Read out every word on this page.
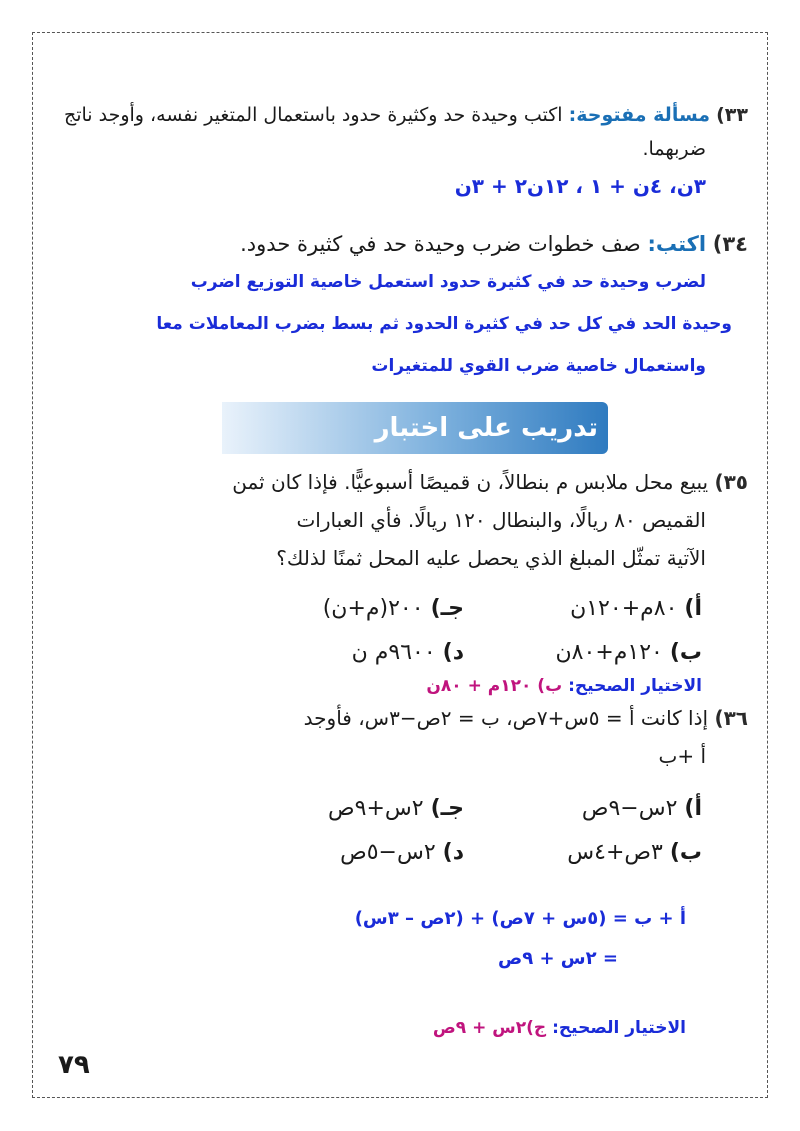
٣٣) مسألة مفتوحة: اكتب وحيدة حد وكثيرة حدود باستعمال المتغير نفسه، وأوجد ناتج
ضربهما.
٣ن، ٤ن + ١ ، ١٢ن٢ + ٣ن
٣٤) اكتب: صف خطوات ضرب وحيدة حد في كثيرة حدود.
لضرب وحيدة حد في كثيرة حدود استعمل خاصية التوزيع اضرب
وحيدة الحد في كل حد في كثيرة الحدود ثم بسط بضرب المعاملات معا
واستعمال خاصية ضرب القوي للمتغيرات
تدريب على اختبار
٣٥) يبيع محل ملابس م بنطالاً، ن قميصًا أسبوعيًّا. فإذا كان ثمن
القميص ٨٠ ريالًا، والبنطال ١٢٠ ريالًا. فأي العبارات
الآتية تمثّل المبلغ الذي يحصل عليه المحل ثمنًا لذلك؟
أ) ٨٠م+١٢٠ن
جـ) ٢٠٠(م+ن)
ب) ١٢٠م+٨٠ن
د) ٩٦٠٠م ن
الاختيار الصحيح: ب) ١٢٠م + ٨٠ن
٣٦) إذا كانت أ = ٥س+٧ص، ب = ٢ص−٣س، فأوجد
أ +ب
أ) ٢س−٩ص
جـ) ٢س+٩ص
ب) ٣ص+٤س
د) ٢س−٥ص
أ + ب = (٥س + ٧ص) + (٢ص – ٣س)
= ٢س + ٩ص
الاختيار الصحيح: ج)٢س + ٩ص
٧٩
